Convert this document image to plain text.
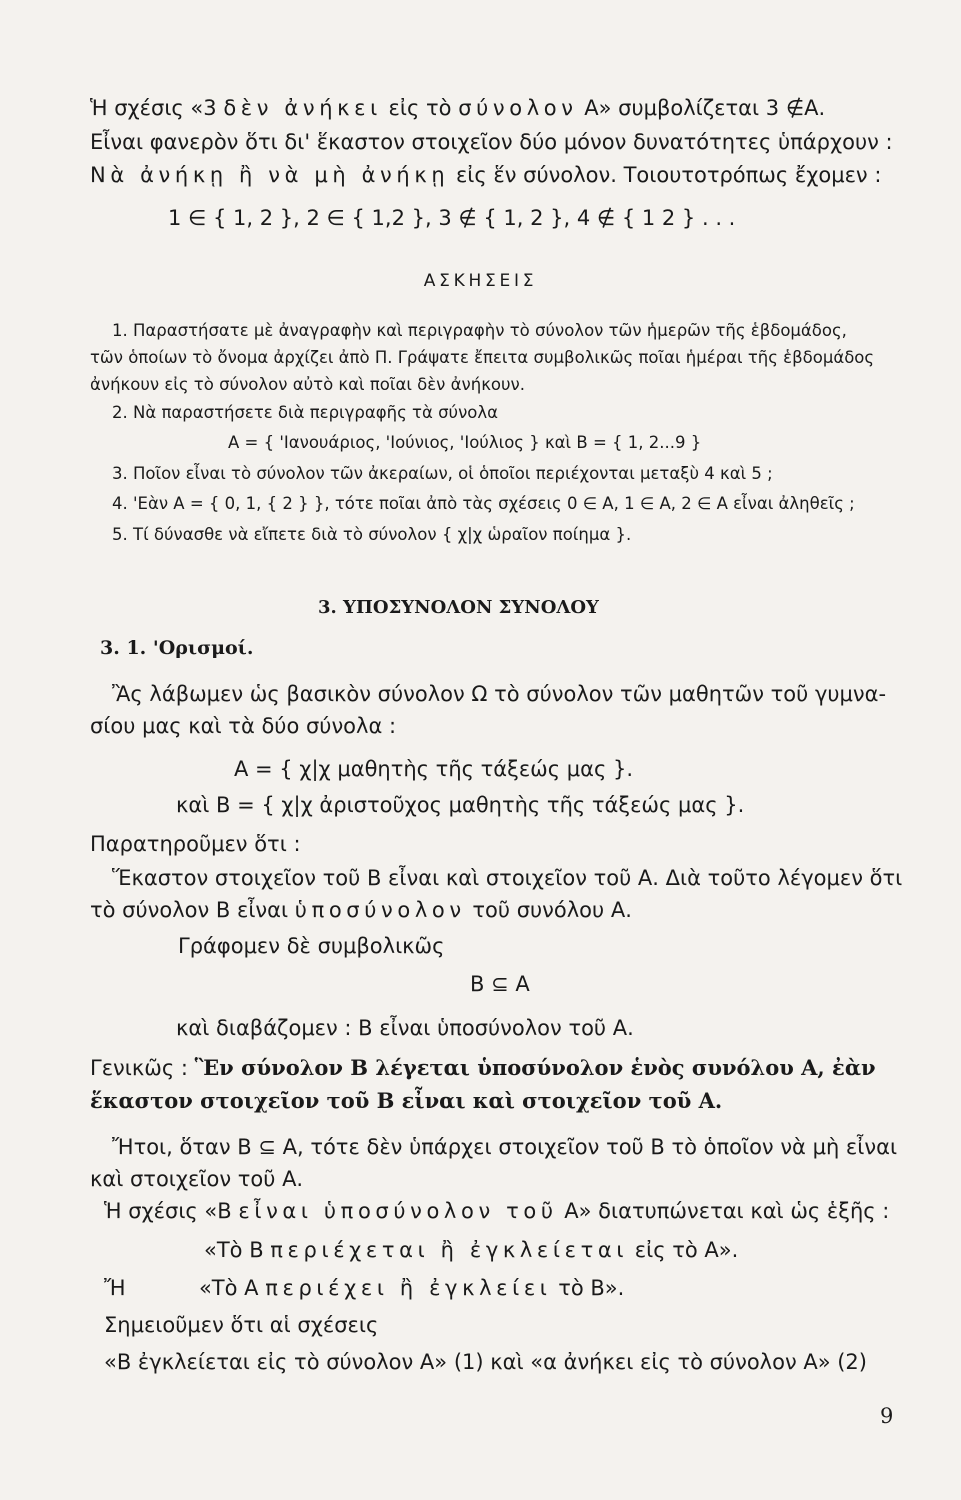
Ἡ σχέσις «3 δὲν ἀνήκει εἰς τὸ σύνολον Α» συμβολίζεται 3 ∉Α.
Εἶναι φανερὸν ὅτι δι' ἕκαστον στοιχεῖον δύο μόνον δυνατότητες ὑπάρχουν :
Νὰ ἀνήκῃ ἢ νὰ μὴ ἀνήκῃ εἰς ἕν σύνολον. Τοιουτοτρόπως ἔχομεν :
1 ∈ { 1, 2 }, 2 ∈ { 1,2 }, 3 ∉ { 1, 2 }, 4 ∉ { 1 2 } . . .
ΑΣΚΗΣΕΙΣ
1. Παραστήσατε μὲ ἀναγραφὴν καὶ περιγραφὴν τὸ σύνολον τῶν ἡμερῶν τῆς ἑβδομάδος,
τῶν ὁποίων τὸ ὄνομα ἀρχίζει ἀπὸ Π. Γράψατε ἔπειτα συμβολικῶς ποῖαι ἡμέραι τῆς ἑβδομάδος
ἀνήκουν εἰς τὸ σύνολον αὐτὸ καὶ ποῖαι δὲν ἀνήκουν.
2. Νὰ παραστήσετε διὰ περιγραφῆς τὰ σύνολα
Α = { 'Ιανουάριος, 'Ιούνιος, 'Ιούλιος } καὶ Β = { 1, 2...9 }
3. Ποῖον εἶναι τὸ σύνολον τῶν ἀκεραίων, οἱ ὁποῖοι περιέχονται μεταξὺ 4 καὶ 5 ;
4. 'Εὰν Α = { 0, 1, { 2 } }, τότε ποῖαι ἀπὸ τὰς σχέσεις 0 ∈ Α, 1 ∈ Α, 2 ∈ Α εἶναι ἀληθεῖς ;
5. Τί δύνασθε νὰ εἴπετε διὰ τὸ σύνολον { χ|χ ὡραῖον ποίημα }.
3. ΥΠΟΣΥΝΟΛΟΝ ΣΥΝΟΛΟΥ
3. 1. 'Ορισμοί.
Ἂς λάβωμεν ὡς βασικὸν σύνολον Ω τὸ σύνολον τῶν μαθητῶν τοῦ γυμνα-
σίου μας καὶ τὰ δύο σύνολα :
Α = { χ|χ μαθητὴς τῆς τάξεώς μας }.
καὶ Β = { χ|χ ἀριστοῦχος μαθητὴς τῆς τάξεώς μας }.
Παρατηροῦμεν ὅτι :
Ἕκαστον στοιχεῖον τοῦ Β εἶναι καὶ στοιχεῖον τοῦ Α. Διὰ τοῦτο λέγομεν ὅτι
τὸ σύνολον Β εἶναι ὑποσύνολον τοῦ συνόλου Α.
Γράφομεν δὲ συμβολικῶς
Β ⊆ Α
καὶ διαβάζομεν : Β εἶναι ὑποσύνολον τοῦ Α.
Γενικῶς : Ἓν σύνολον Β λέγεται ὑποσύνολον ἑνὸς συνόλου Α, ἐὰν
ἕκαστον στοιχεῖον τοῦ Β εἶναι καὶ στοιχεῖον τοῦ Α.
Ἤτοι, ὅταν Β ⊆ Α, τότε δὲν ὑπάρχει στοιχεῖον τοῦ Β τὸ ὁποῖον νὰ μὴ εἶναι
καὶ στοιχεῖον τοῦ Α.
Ἡ σχέσις «Β εἶναι ὑποσύνολον τοῦ Α» διατυπώνεται καὶ ὡς ἑξῆς :
«Τὸ Β περιέχεται ἢ ἐγκλείεται εἰς τὸ Α».
Ἤ	«Τὸ Α περιέχει ἢ ἐγκλείει τὸ Β».
Σημειοῦμεν ὅτι αἱ σχέσεις
«Β ἐγκλείεται εἰς τὸ σύνολον Α» (1) καὶ «α ἀνήκει εἰς τὸ σύνολον Α» (2)
9
